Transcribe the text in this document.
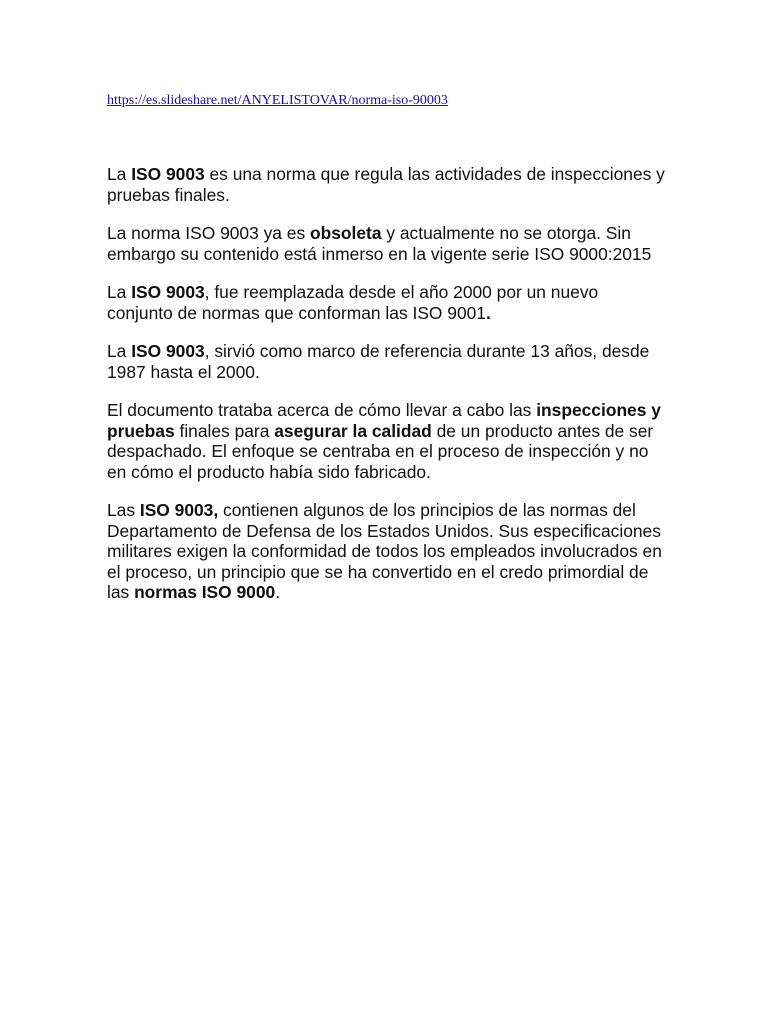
https://es.slideshare.net/ANYELISTOVAR/norma-iso-90003

La ISO 9003 es una norma que regula las actividades de inspecciones y pruebas finales.

La norma ISO 9003 ya es obsoleta y actualmente no se otorga. Sin embargo su contenido está inmerso en la vigente serie ISO 9000:2015

La ISO 9003, fue reemplazada desde el año 2000 por un nuevo conjunto de normas que conforman las ISO 9001.

La ISO 9003, sirvió como marco de referencia durante 13 años, desde 1987 hasta el 2000.

El documento trataba acerca de cómo llevar a cabo las inspecciones y pruebas finales para asegurar la calidad de un producto antes de ser despachado. El enfoque se centraba en el proceso de inspección y no en cómo el producto había sido fabricado.

Las ISO 9003, contienen algunos de los principios de las normas del Departamento de Defensa de los Estados Unidos. Sus especificaciones militares exigen la conformidad de todos los empleados involucrados en el proceso, un principio que se ha convertido en el credo primordial de las normas ISO 9000.
